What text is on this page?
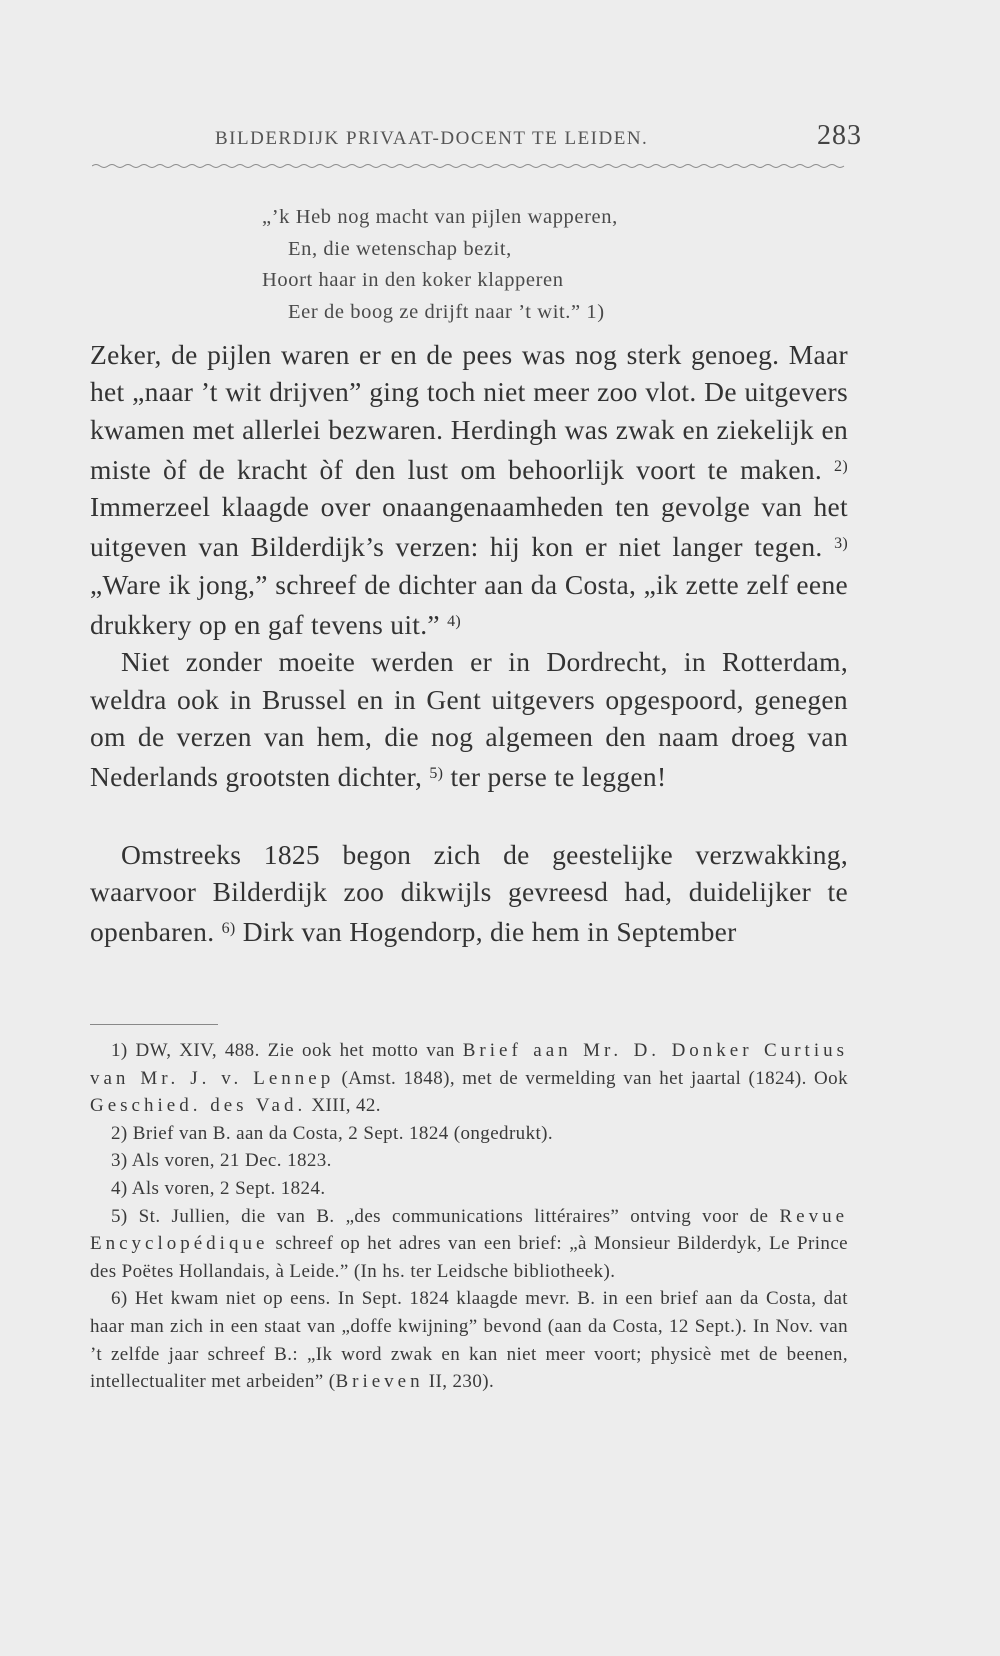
BILDERDIJK PRIVAAT-DOCENT TE LEIDEN.	283
„’k Heb nog macht van pijlen wapperen,
En, die wetenschap bezit,
Hoort haar in den koker klapperen
Eer de boog ze drijft naar ’t wit.” 1)

Zeker, de pijlen waren er en de pees was nog sterk genoeg. Maar het „naar ’t wit drijven” ging toch niet meer zoo vlot. De uitgevers kwamen met allerlei bezwaren. Herdingh was zwak en ziekelijk en miste òf de kracht òf den lust om behoorlijk voort te maken. $^{2)}$ Immerzeel klaagde over onaangenaamheden ten gevolge van het uitgeven van Bilderdijk’s verzen: hij kon er niet langer tegen. $^{3)}$ „Ware ik jong,” schreef de dichter aan da Costa, „ik zette zelf eene drukkery op en gaf tevens uit.” $^{4)}$

Niet zonder moeite werden er in Dordrecht, in Rotterdam, weldra ook in Brussel en in Gent uitgevers opgespoord, genegen om de verzen van hem, die nog algemeen den naam droeg van Nederlands grootsten dichter, $^{5)}$ ter perse te leggen!

Omstreeks 1825 begon zich de geestelijke verzwakking, waarvoor Bilderdijk zoo dikwijls gevreesd had, duidelijker te openbaren. $^{6)}$ Dirk van Hogendorp, die hem in September

1) DW, XIV, 488. Zie ook het motto van Brief aan Mr. D. Donker Curtius van Mr. J. v. Lennep (Amst. 1848), met de vermelding van het jaartal (1824). Ook Geschied. des Vad. XIII, 42.

2) Brief van B. aan da Costa, 2 Sept. 1824 (ongedrukt).

3) Als voren, 21 Dec. 1823.

4) Als voren, 2 Sept. 1824.

5) St. Jullien, die van B. „des communications littéraires” ontving voor de Revue Encyclopédique schreef op het adres van een brief: „à Monsieur Bilderdyk, Le Prince des Poëtes Hollandais, à Leide.” (In hs. ter Leidsche bibliotheek).

6) Het kwam niet op eens. In Sept. 1824 klaagde mevr. B. in een brief aan da Costa, dat haar man zich in een staat van „doffe kwijning” bevond (aan da Costa, 12 Sept.). In Nov. van ’t zelfde jaar schreef B.: „Ik word zwak en kan niet meer voort; physicè met de beenen, intellectualiter met arbeiden” (Brieven II, 230).
